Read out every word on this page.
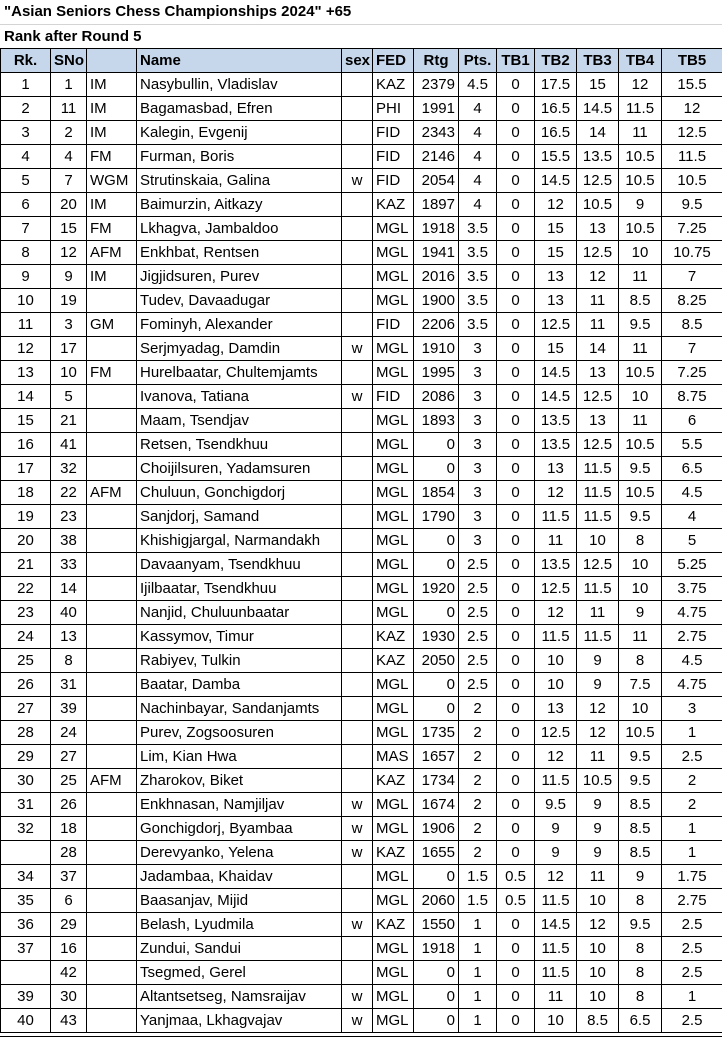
"Asian Seniors Chess Championships 2024" +65
Rank after Round 5
Rk.	SNo		Name	sex	FED	Rtg	Pts.	TB1	TB2	TB3	TB4	TB5
1	1	IM	Nasybullin, Vladislav		KAZ	2379	4.5	0	17.5	15	12	15.5
2	11	IM	Bagamasbad, Efren		PHI	1991	4	0	16.5	14.5	11.5	12
3	2	IM	Kalegin, Evgenij		FID	2343	4	0	16.5	14	11	12.5
4	4	FM	Furman, Boris		FID	2146	4	0	15.5	13.5	10.5	11.5
5	7	WGM	Strutinskaia, Galina	w	FID	2054	4	0	14.5	12.5	10.5	10.5
6	20	IM	Baimurzin, Aitkazy		KAZ	1897	4	0	12	10.5	9	9.5
7	15	FM	Lkhagva, Jambaldoo		MGL	1918	3.5	0	15	13	10.5	7.25
8	12	AFM	Enkhbat, Rentsen		MGL	1941	3.5	0	15	12.5	10	10.75
9	9	IM	Jigjidsuren, Purev		MGL	2016	3.5	0	13	12	11	7
10	19		Tudev, Davaadugar		MGL	1900	3.5	0	13	11	8.5	8.25
11	3	GM	Fominyh, Alexander		FID	2206	3.5	0	12.5	11	9.5	8.5
12	17		Serjmyadag, Damdin	w	MGL	1910	3	0	15	14	11	7
13	10	FM	Hurelbaatar, Chultemjamts		MGL	1995	3	0	14.5	13	10.5	7.25
14	5		Ivanova, Tatiana	w	FID	2086	3	0	14.5	12.5	10	8.75
15	21		Maam, Tsendjav		MGL	1893	3	0	13.5	13	11	6
16	41		Retsen, Tsendkhuu		MGL	0	3	0	13.5	12.5	10.5	5.5
17	32		Choijilsuren, Yadamsuren		MGL	0	3	0	13	11.5	9.5	6.5
18	22	AFM	Chuluun, Gonchigdorj		MGL	1854	3	0	12	11.5	10.5	4.5
19	23		Sanjdorj, Samand		MGL	1790	3	0	11.5	11.5	9.5	4
20	38		Khishigjargal, Narmandakh		MGL	0	3	0	11	10	8	5
21	33		Davaanyam, Tsendkhuu		MGL	0	2.5	0	13.5	12.5	10	5.25
22	14		Ijilbaatar, Tsendkhuu		MGL	1920	2.5	0	12.5	11.5	10	3.75
23	40		Nanjid, Chuluunbaatar		MGL	0	2.5	0	12	11	9	4.75
24	13		Kassymov, Timur		KAZ	1930	2.5	0	11.5	11.5	11	2.75
25	8		Rabiyev, Tulkin		KAZ	2050	2.5	0	10	9	8	4.5
26	31		Baatar, Damba		MGL	0	2.5	0	10	9	7.5	4.75
27	39		Nachinbayar, Sandanjamts		MGL	0	2	0	13	12	10	3
28	24		Purev, Zogsoosuren		MGL	1735	2	0	12.5	12	10.5	1
29	27		Lim, Kian Hwa		MAS	1657	2	0	12	11	9.5	2.5
30	25	AFM	Zharokov, Biket		KAZ	1734	2	0	11.5	10.5	9.5	2
31	26		Enkhnasan, Namjiljav	w	MGL	1674	2	0	9.5	9	8.5	2
32	18		Gonchigdorj, Byambaa	w	MGL	1906	2	0	9	9	8.5	1
	28		Derevyanko, Yelena	w	KAZ	1655	2	0	9	9	8.5	1
34	37		Jadambaa, Khaidav		MGL	0	1.5	0.5	12	11	9	1.75
35	6		Baasanjav, Mijid		MGL	2060	1.5	0.5	11.5	10	8	2.75
36	29		Belash, Lyudmila	w	KAZ	1550	1	0	14.5	12	9.5	2.5
37	16		Zundui, Sandui		MGL	1918	1	0	11.5	10	8	2.5
	42		Tsegmed, Gerel		MGL	0	1	0	11.5	10	8	2.5
39	30		Altantsetseg, Namsraijav	w	MGL	0	1	0	11	10	8	1
40	43		Yanjmaa, Lkhagvajav	w	MGL	0	1	0	10	8.5	6.5	2.5
